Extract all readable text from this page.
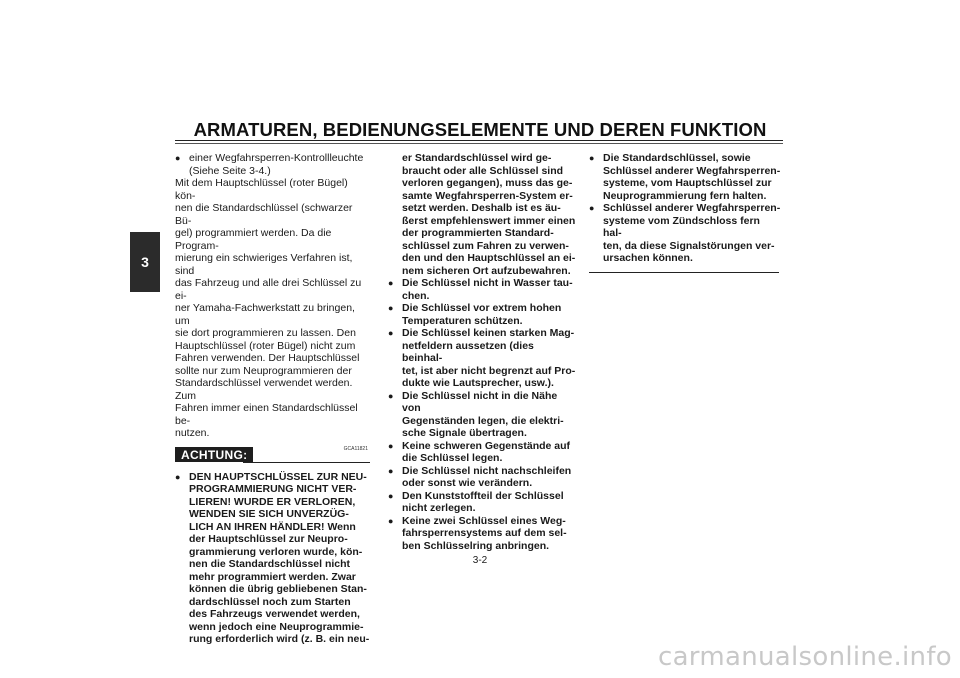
ARMATUREN, BEDIENUNGSELEMENTE UND DEREN FUNKTION
3
● einer Wegfahrsperren-Kontrollleuchte
(Siehe Seite 3-4.)

Mit dem Hauptschlüssel (roter Bügel) kön-
nen die Standardschlüssel (schwarzer Bü-
gel) programmiert werden. Da die Program-
mierung ein schwieriges Verfahren ist, sind
das Fahrzeug und alle drei Schlüssel zu ei-
ner Yamaha-Fachwerkstatt zu bringen, um
sie dort programmieren zu lassen. Den
Hauptschlüssel (roter Bügel) nicht zum
Fahren verwenden. Der Hauptschlüssel
sollte nur zum Neuprogrammieren der
Standardschlüssel verwendet werden. Zum
Fahren immer einen Standardschlüssel be-
nutzen.

ACHTUNG:	GCA11821
● DEN HAUPTSCHLÜSSEL ZUR NEU-
PROGRAMMIERUNG NICHT VER-
LIEREN! WURDE ER VERLOREN,
WENDEN SIE SICH UNVERZÜG-
LICH AN IHREN HÄNDLER! Wenn
der Hauptschlüssel zur Neupro-
grammierung verloren wurde, kön-
nen die Standardschlüssel nicht
mehr programmiert werden. Zwar
können die übrig gebliebenen Stan-
dardschlüssel noch zum Starten
des Fahrzeugs verwendet werden,
wenn jedoch eine Neuprogrammie-
rung erforderlich wird (z. B. ein neu-

er Standardschlüssel wird ge-
braucht oder alle Schlüssel sind
verloren gegangen), muss das ge-
samte Wegfahrsperren-System er-
setzt werden. Deshalb ist es äu-
ßerst empfehlenswert immer einen
der programmierten Standard-
schlüssel zum Fahren zu verwen-
den und den Hauptschlüssel an ei-
nem sicheren Ort aufzubewahren.

● Die Schlüssel nicht in Wasser tau-
chen.
● Die Schlüssel vor extrem hohen
Temperaturen schützen.
● Die Schlüssel keinen starken Mag-
netfeldern aussetzen (dies beinhal-
tet, ist aber nicht begrenzt auf Pro-
dukte wie Lautsprecher, usw.).
● Die Schlüssel nicht in die Nähe von
Gegenständen legen, die elektri-
sche Signale übertragen.
● Keine schweren Gegenstände auf
die Schlüssel legen.
● Die Schlüssel nicht nachschleifen
oder sonst wie verändern.
● Den Kunststoffteil der Schlüssel
nicht zerlegen.
● Keine zwei Schlüssel eines Weg-
fahrsperrensystems auf dem sel-
ben Schlüsselring anbringen.
● Die Standardschlüssel, sowie
Schlüssel anderer Wegfahrsperren-
systeme, vom Hauptschlüssel zur
Neuprogrammierung fern halten.
● Schlüssel anderer Wegfahrsperren-
systeme vom Zündschloss fern hal-
ten, da diese Signalstörungen ver-
ursachen können.
3-2
carmanualsonline.info
